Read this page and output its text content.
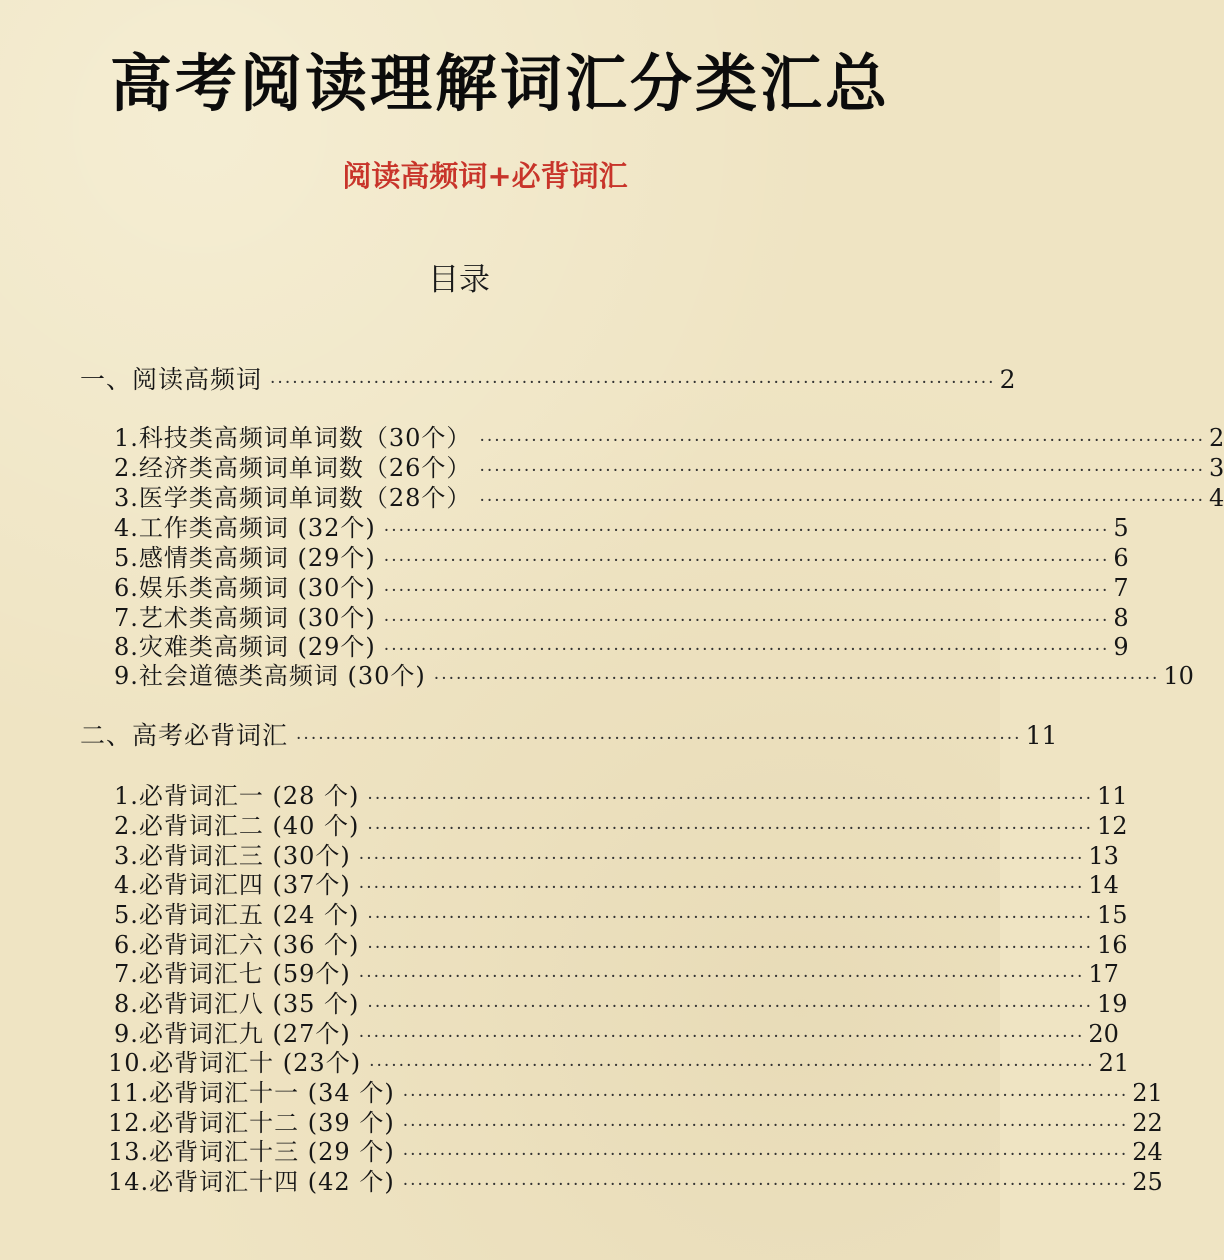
高考阅读理解词汇分类汇总
阅读高频词+必背词汇
目录
一、阅读高频词 ·································································································· 2
1.科技类高频词单词数（30个） ·································································································· 2
2.经济类高频词单词数（26个） ·································································································· 3
3.医学类高频词单词数（28个） ·································································································· 4
4.工作类高频词 (32个) ·································································································· 5
5.感情类高频词 (29个) ·································································································· 6
6.娱乐类高频词 (30个) ·································································································· 7
7.艺术类高频词 (30个) ·································································································· 8
8.灾难类高频词 (29个) ·································································································· 9
9.社会道德类高频词 (30个) ·································································································· 10
二、高考必背词汇 ·································································································· 11
1.必背词汇一 (28 个) ·································································································· 11
2.必背词汇二 (40 个) ·································································································· 12
3.必背词汇三 (30个) ·································································································· 13
4.必背词汇四 (37个) ·································································································· 14
5.必背词汇五 (24 个) ·································································································· 15
6.必背词汇六 (36 个) ·································································································· 16
7.必背词汇七 (59个) ·································································································· 17
8.必背词汇八 (35 个) ·································································································· 19
9.必背词汇九 (27个) ·································································································· 20
10.必背词汇十 (23个) ·································································································· 21
11.必背词汇十一 (34 个) ·································································································· 21
12.必背词汇十二 (39 个) ·································································································· 22
13.必背词汇十三 (29 个) ·································································································· 24
14.必背词汇十四 (42 个) ·································································································· 25
